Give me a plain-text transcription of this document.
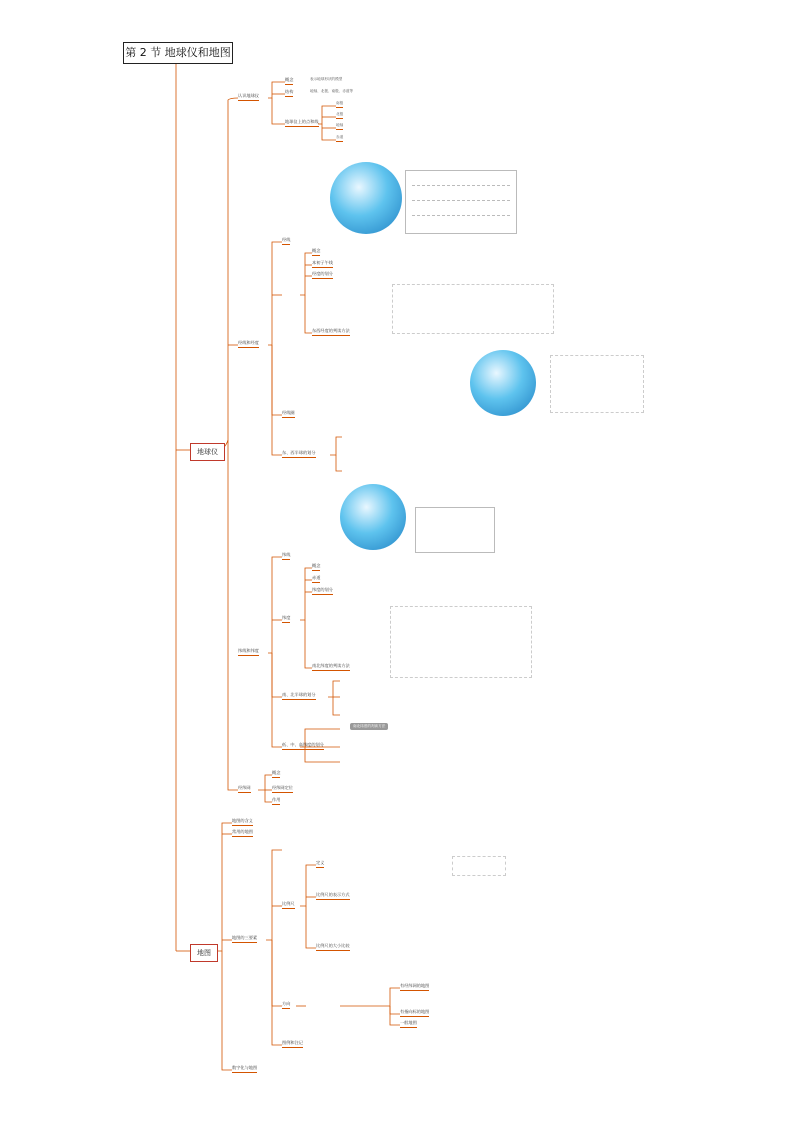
第 2 节 地球仪和地图
地球仪
地图
认识地球仪
概念	表示地球形状的模型
结构	地轴、北极、南极、赤道等
地球仪上的点和线
南极
北极
地轴
赤道
经线和经度
经线
概念
本初子午线
经度的划分
东西经度的判读方法
经线圈
东、西半球的划分
纬线和纬度
纬线
概念
赤道
纬度的划分
纬度
南北纬度的判读方法
南、北半球的划分
低、中、高纬度的划分
南北纬度的判读方法
经纬网
概念
经纬网定位
作用
地图的含义
常用的地图
地图的三要素
数字化与地图
方向
比例尺
图例和注记
定义
比例尺的表示方式
比例尺的大小比较
有经纬网的地图
有指向标的地图
一般地图
